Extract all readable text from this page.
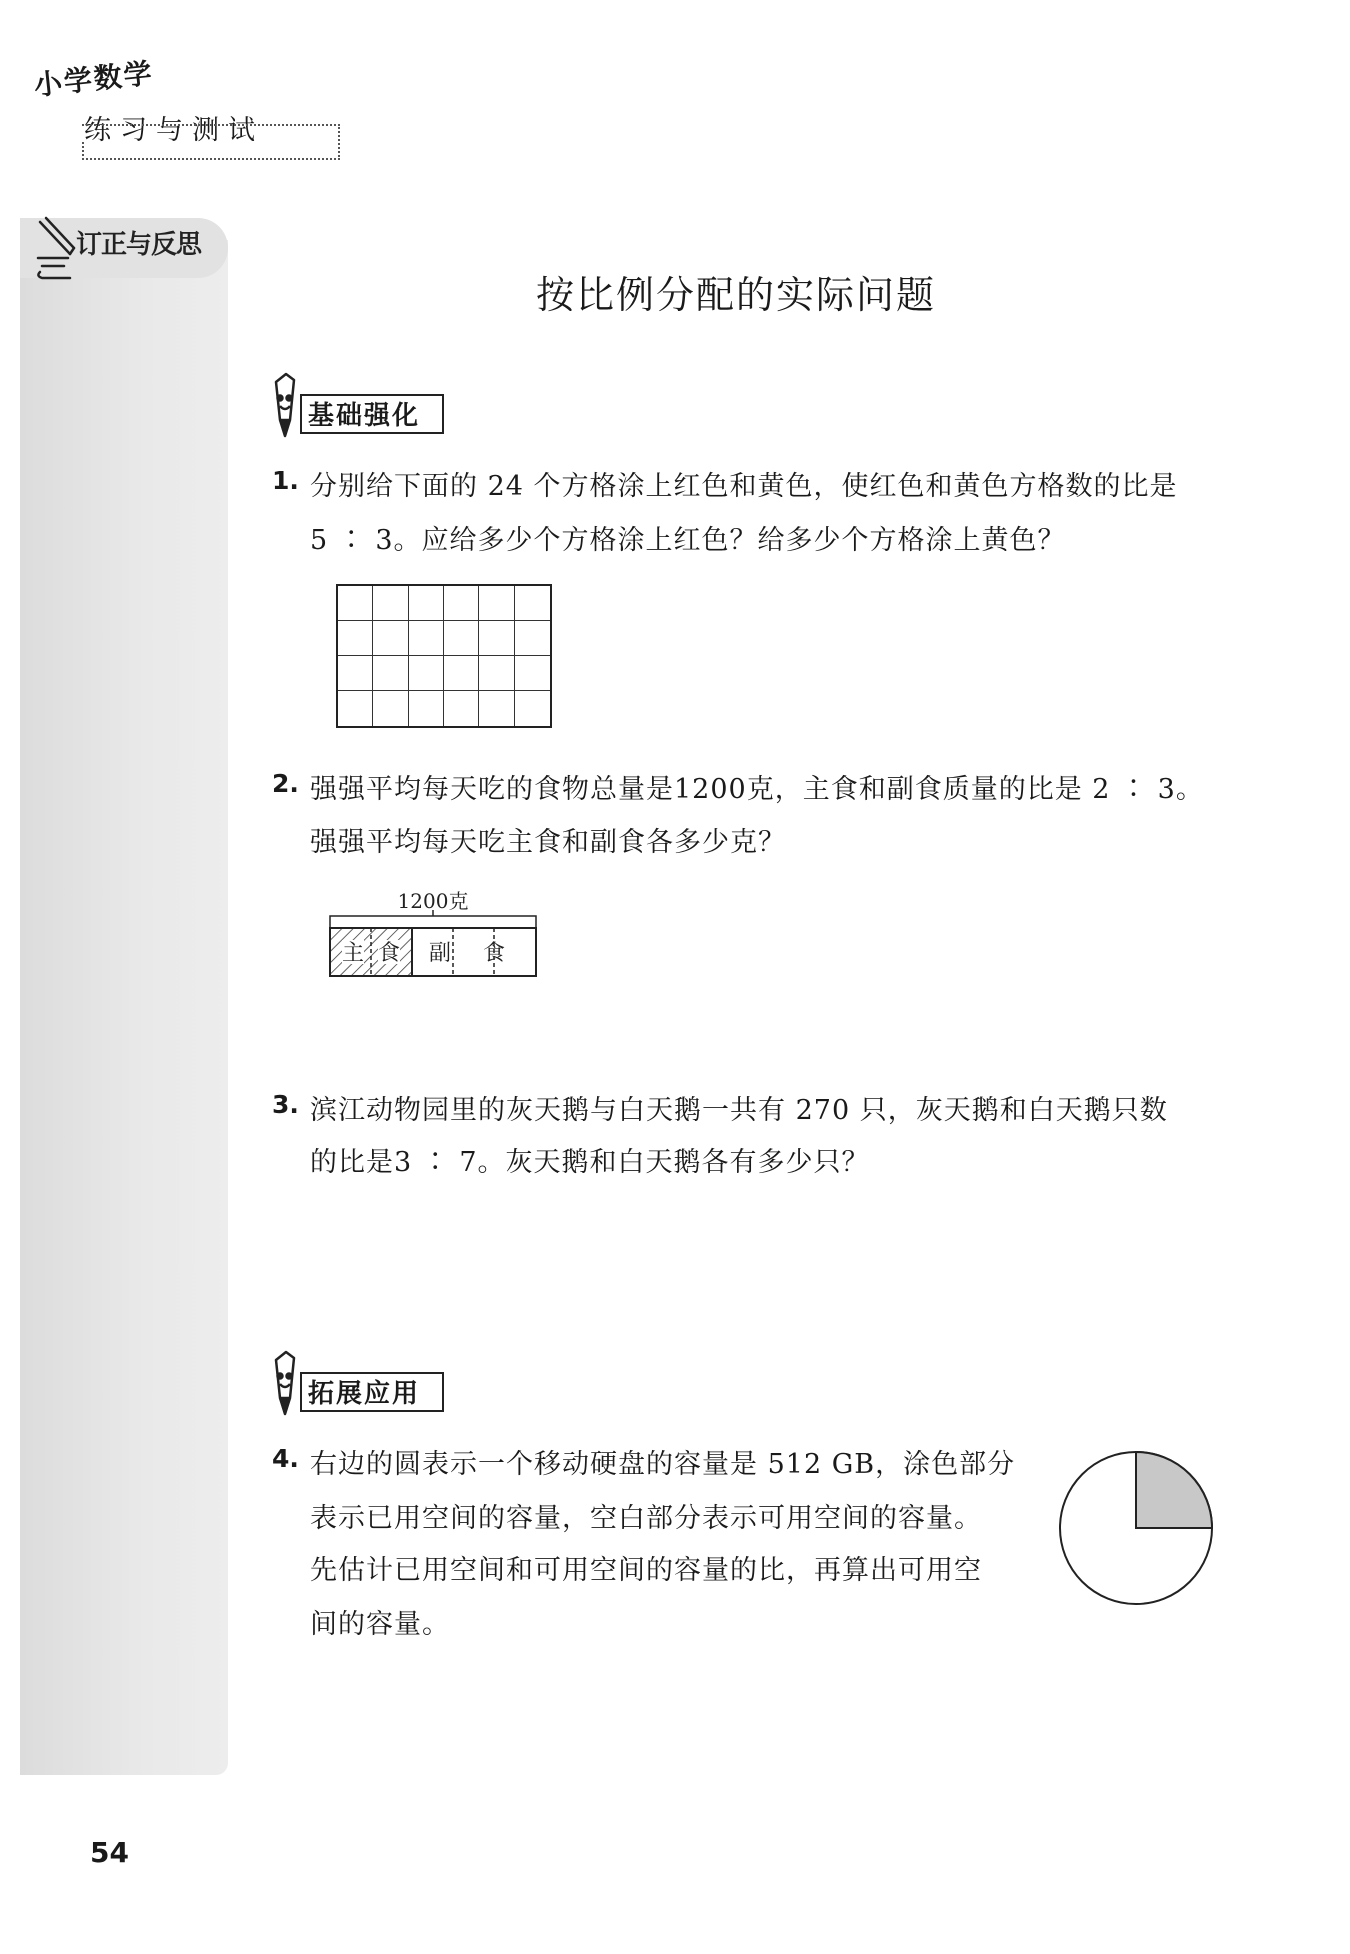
小学数学
练习与测试
订正与反思
按比例分配的实际问题
基础强化
1. 分别给下面的 24 个方格涂上红色和黄色，使红色和黄色方格数的比是
5 ∶ 3。应给多少个方格涂上红色？给多少个方格涂上黄色？
2. 强强平均每天吃的食物总量是1200克，主食和副食质量的比是 2 ∶ 3。
强强平均每天吃主食和副食各多少克？
1200克
主 食 副 食
3. 滨江动物园里的灰天鹅与白天鹅一共有 270 只，灰天鹅和白天鹅只数
的比是3 ∶ 7。灰天鹅和白天鹅各有多少只？
拓展应用
4. 右边的圆表示一个移动硬盘的容量是 512 GB，涂色部分
表示已用空间的容量，空白部分表示可用空间的容量。
先估计已用空间和可用空间的容量的比，再算出可用空
间的容量。
54
